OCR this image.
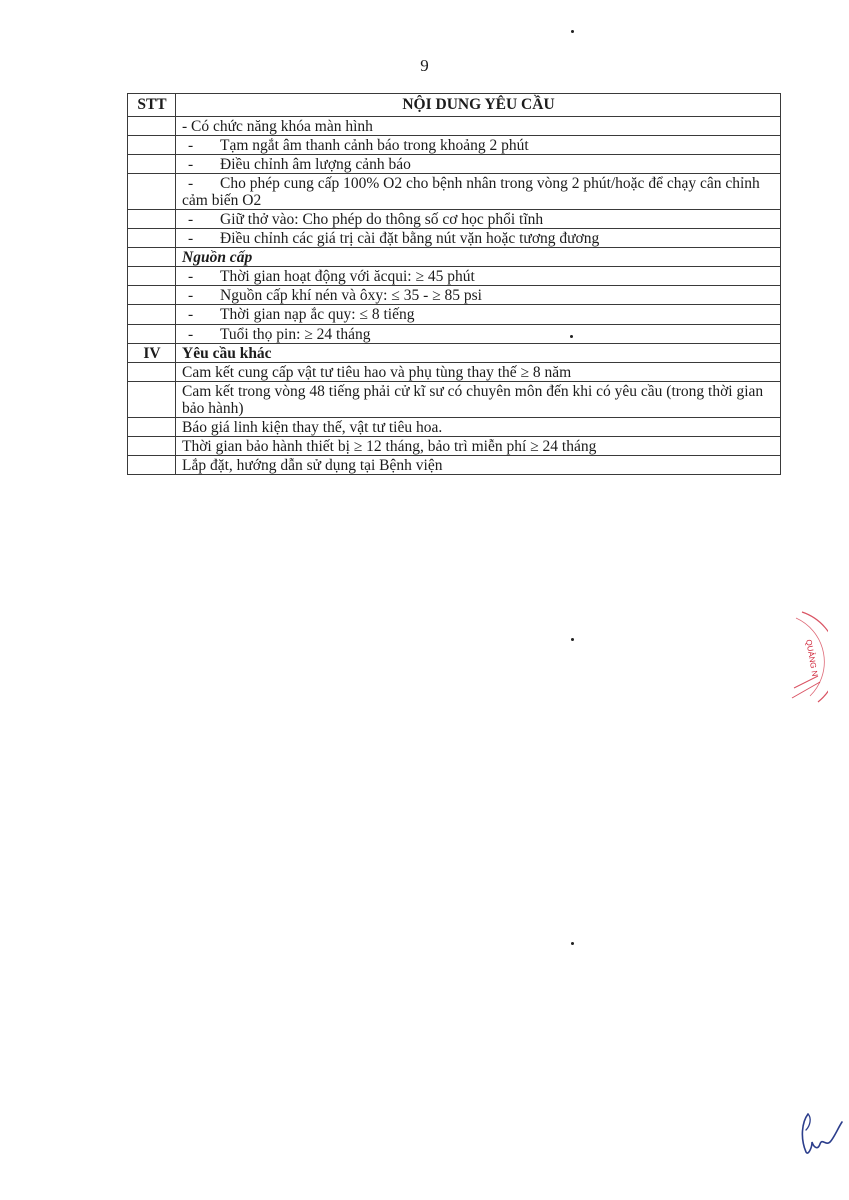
9
STT	NỘI DUNG YÊU CẦU
	- Có chức năng khóa màn hình
	- Tạm ngắt âm thanh cảnh báo trong khoảng 2 phút
	- Điều chỉnh âm lượng cảnh báo
	- Cho phép cung cấp 100% O2 cho bệnh nhân trong vòng 2 phút/hoặc để chạy cân chỉnh cảm biến O2
	- Giữ thở vào: Cho phép do thông số cơ học phổi tĩnh
	- Điều chỉnh các giá trị cài đặt bằng nút vặn hoặc tương đương
	Nguồn cấp
	- Thời gian hoạt động với ăcqui: ≥ 45 phút
	- Nguồn cấp khí nén và ôxy: ≤ 35 - ≥ 85 psi
	- Thời gian nạp ắc quy: ≤ 8 tiếng
	- Tuổi thọ pin: ≥ 24 tháng
IV	Yêu cầu khác
	Cam kết cung cấp vật tư tiêu hao và phụ tùng thay thế ≥ 8 năm
	Cam kết trong vòng 48 tiếng phải cử kĩ sư có chuyên môn đến khi có yêu cầu (trong thời gian bảo hành)
	Báo giá linh kiện thay thế, vật tư tiêu hoa.
	Thời gian bảo hành thiết bị ≥ 12 tháng, bảo trì miễn phí ≥ 24 tháng
	Lắp đặt, hướng dẫn sử dụng tại Bệnh viện
QUẢNG N
